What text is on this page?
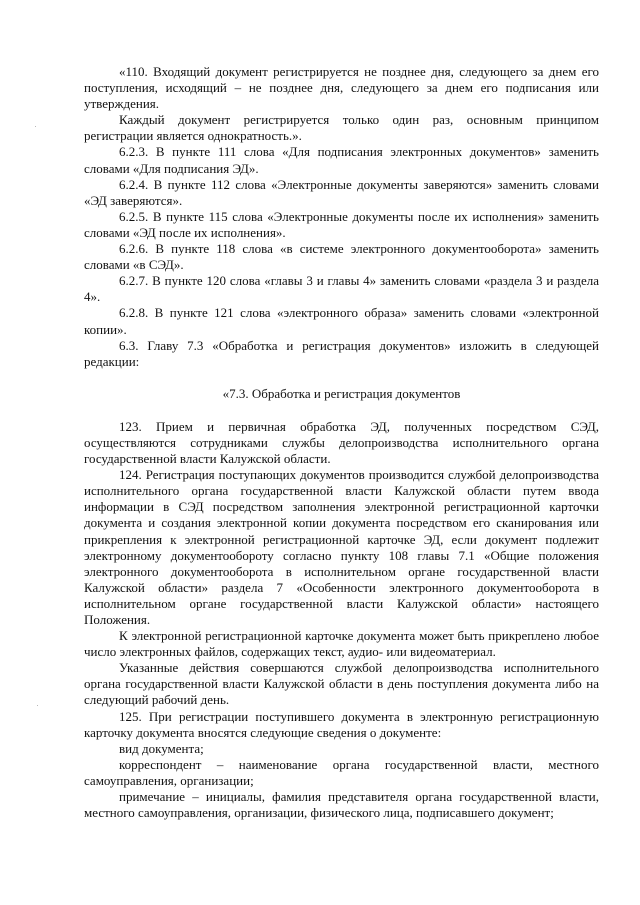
«110. Входящий документ регистрируется не позднее дня, следующего за днем его поступления, исходящий – не позднее дня, следующего за днем его подписания или утверждения.

Каждый документ регистрируется только один раз, основным принципом регистрации является однократность.».

6.2.3. В пункте 111 слова «Для подписания электронных документов» заменить словами «Для подписания ЭД».

6.2.4. В пункте 112 слова «Электронные документы заверяются» заменить словами «ЭД заверяются».

6.2.5. В пункте 115 слова «Электронные документы после их исполнения» заменить словами «ЭД после их исполнения».

6.2.6. В пункте 118 слова «в системе электронного документооборота» заменить словами «в СЭД».

6.2.7. В пункте 120 слова «главы 3 и главы 4» заменить словами «раздела 3 и раздела 4».

6.2.8. В пункте 121 слова «электронного образа» заменить словами «электронной копии».

6.3. Главу 7.3 «Обработка и регистрация документов» изложить в следующей редакции:

«7.3. Обработка и регистрация документов

123. Прием и первичная обработка ЭД, полученных посредством СЭД, осуществляются сотрудниками службы делопроизводства исполнительного органа государственной власти Калужской области.

124. Регистрация поступающих документов производится службой делопроизводства исполнительного органа государственной власти Калужской области путем ввода информации в СЭД посредством заполнения электронной регистрационной карточки документа и создания электронной копии документа посредством его сканирования или прикрепления к электронной регистрационной карточке ЭД, если документ подлежит электронному документообороту согласно пункту 108 главы 7.1 «Общие положения электронного документооборота в исполнительном органе государственной власти Калужской области» раздела 7 «Особенности электронного документооборота в исполнительном органе государственной власти Калужской области» настоящего Положения.

К электронной регистрационной карточке документа может быть прикреплено любое число электронных файлов, содержащих текст, аудио- или видеоматериал.

Указанные действия совершаются службой делопроизводства исполнительного органа государственной власти Калужской области в день поступления документа либо на следующий рабочий день.

125. При регистрации поступившего документа в электронную регистрационную карточку документа вносятся следующие сведения о документе:

вид документа;

корреспондент – наименование органа государственной власти, местного самоуправления, организации;

примечание – инициалы, фамилия представителя органа государственной власти, местного самоуправления, организации, физического лица, подписавшего документ;
